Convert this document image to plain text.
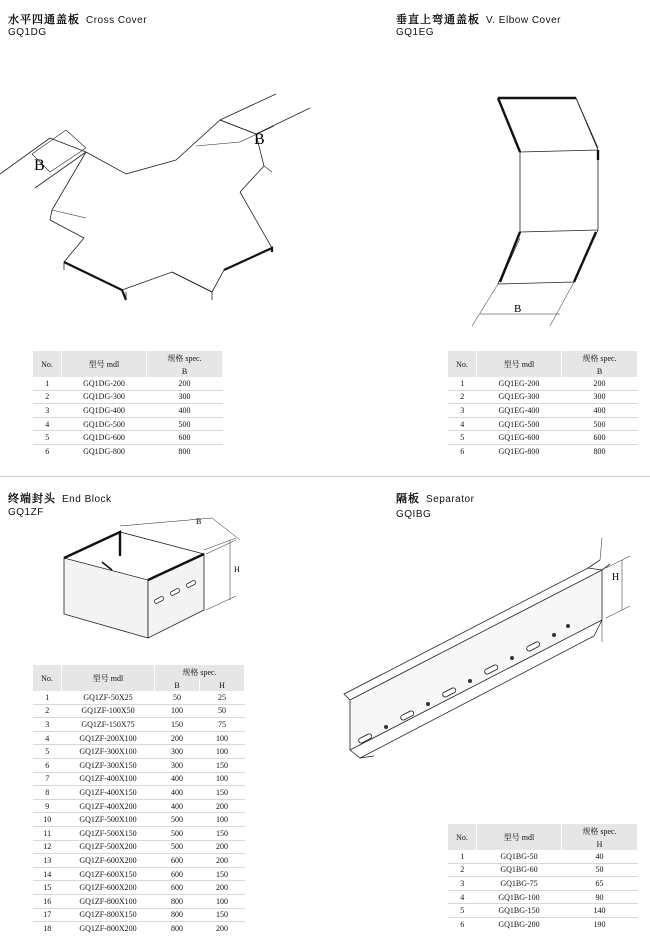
水平四通盖板 Cross Cover
GQ1DG
B
B
No.	型号 mdl	规格 spec.
		B
1	GQ1DG-200	200
2	GQ1DG-300	300
3	GQ1DG-400	400
4	GQ1DG-500	500
5	GQ1DG-600	600
6	GQ1DG-800	800
垂直上弯通盖板 V. Elbow Cover
GQ1EG
B
No.	型号 mdl	规格 spec.
		B
1	GQ1EG-200	200
2	GQ1EG-300	300
3	GQ1EG-400	400
4	GQ1EG-500	500
5	GQ1EG-600	600
6	GQ1EG-800	800
终端封头 End Block
GQ1ZF
B
H
No.	型号 mdl	规格 spec.	
		B	H
1	GQ1ZF-50X25	50	25
2	GQ1ZF-100X50	100	50
3	GQ1ZF-150X75	150	75
4	GQ1ZF-200X100	200	100
5	GQ1ZF-300X100	300	100
6	GQ1ZF-300X150	300	150
7	GQ1ZF-400X100	400	100
8	GQ1ZF-400X150	400	150
9	GQ1ZF-400X200	400	200
10	GQ1ZF-500X100	500	100
11	GQ1ZF-500X150	500	150
12	GQ1ZF-500X200	500	200
13	GQ1ZF-600X200	600	200
14	GQ1ZF-600X150	600	150
15	GQ1ZF-600X200	600	200
16	GQ1ZF-800X100	800	100
17	GQ1ZF-800X150	800	150
18	GQ1ZF-800X200	800	200
隔板 Separator
GQIBG
H
No.	型号 mdl	规格 spec.
		H
1	GQ1BG-50	40
2	GQ1BG-60	50
3	GQ1BG-75	65
4	GQ1BG-100	90
5	GQ1BG-150	140
6	GQ1BG-200	190
